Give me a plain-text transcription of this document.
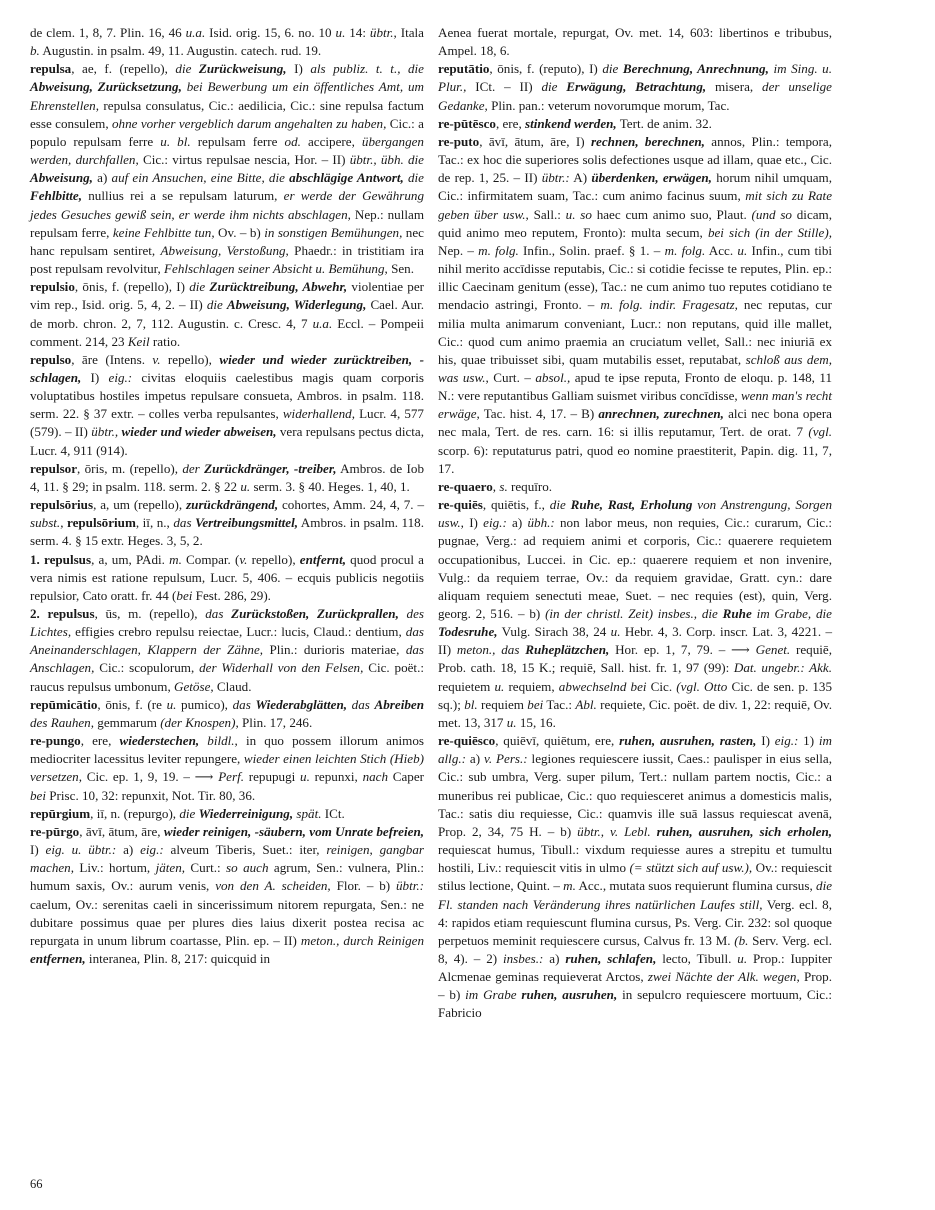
de clem. 1, 8, 7. Plin. 16, 46 u.a. Isid. orig. 15, 6. no. 10 u. 14: übtr., Itala b. Augustin. in psalm. 49, 11. Augustin. catech. rud. 19.

repulsa, ae, f. (repello), die Zurückweisung, I) als publiz. t. t., die Abweisung, Zurücksetzung, bei Bewerbung um ein öffentliches Amt, um Ehrenstellen, repulsa consulatus, Cic.: aedilicia, Cic.: sine repulsa factum esse consulem, ohne vorher vergeblich darum angehalten zu haben, Cic.: a populo repulsam ferre u. bl. repulsam ferre od. accipere, übergangen werden, durchfallen, Cic.: virtus repulsae nescia, Hor. – II) übtr., übh. die Abweisung, a) auf ein Ansuchen, eine Bitte, die abschlägige Antwort, die Fehlbitte, nullius rei a se repulsam laturum, er werde der Gewährung jedes Gesuches gewiß sein, er werde ihm nichts abschlagen, Nep.: nullam repulsam ferre, keine Fehlbitte tun, Ov. – b) in sonstigen Bemühungen, nec hanc repulsam sentiret, Abweisung, Verstoßung, Phaedr.: in tristitiam ira post repulsam revolvitur, Fehlschlagen seiner Absicht u. Bemühung, Sen.

repulsio, ōnis, f. (repello), I) die Zurücktreibung, Abwehr, violentiae per vim rep., Isid. orig. 5, 4, 2. – II) die Abweisung, Widerlegung, Cael. Aur. de morb. chron. 2, 7, 112. Augustin. c. Cresc. 4, 7 u.a. Eccl. – Pompeii comment. 214, 23 Keil ratio.

repulso, āre (Intens. v. repello), wieder und wieder zurücktreiben, -schlagen, I) eig.: civitas eloquiis caelestibus magis quam corporis voluptatibus hostiles impetus repulsare consueta, Ambros. in psalm. 118. serm. 22. § 37 extr. – colles verba repulsantes, widerhallend, Lucr. 4, 577 (579). – II) übtr., wieder und wieder abweisen, vera repulsans pectus dicta, Lucr. 4, 911 (914).

repulsor, ōris, m. (repello), der Zurückdränger, -treiber, Ambros. de Iob 4, 11. § 29; in psalm. 118. serm. 2. § 22 u. serm. 3. § 40. Heges. 1, 40, 1.

repulsōrius, a, um (repello), zurückdrängend, cohortes, Amm. 24, 4, 7. – subst., repulsōrium, iī, n., das Vertreibungsmittel, Ambros. in psalm. 118. serm. 4. § 15 extr. Heges. 3, 5, 2.

1. repulsus, a, um, PAdi. m. Compar. (v. repello), entfernt, quod procul a vera nimis est ratione repulsum, Lucr. 5, 406. – ecquis publicis negotiis repulsior, Cato oratt. fr. 44 (bei Fest. 286, 29).

2. repulsus, ūs, m. (repello), das Zurückstoßen, Zurückprallen, des Lichtes, effigies crebro repulsu reiectae, Lucr.: lucis, Claud.: dentium, das Aneinanderschlagen, Klappern der Zähne, Plin.: durioris materiae, das Anschlagen, Cic.: scopulorum, der Widerhall von den Felsen, Cic. poët.: raucus repulsus umbonum, Getöse, Claud.

repūmicātio, ōnis, f. (re u. pumico), das Wiederabglätten, das Abreiben des Rauhen, gemmarum (der Knospen), Plin. 17, 246.

re-pungo, ere, wiederstechen, bildl., in quo possem illorum animos mediocriter lacessitus leviter repungere, wieder einen leichten Stich (Hieb) versetzen, Cic. ep. 1, 9, 19. – ⟶ Perf. repupugi u. repunxi, nach Caper bei Prisc. 10, 32: repunxit, Not. Tir. 80, 36.

repūrgium, iī, n. (repurgo), die Wiederreinigung, spät. ICt.

re-pūrgo, āvī, ātum, āre, wieder reinigen, -säubern, vom Unrate befreien, I) eig. u. übtr.: a) eig.: alveum Tiberis, Suet.: iter, reinigen, gangbar machen, Liv.: hortum, jäten, Curt.: so auch agrum, Sen.: vulnera, Plin.: humum saxis, Ov.: aurum venis, von den A. scheiden, Flor. – b) übtr.: caelum, Ov.: serenitas caeli in sincerissimum nitorem repurgata, Sen.: ne dubitare possimus quae per plures dies laius dixerit postea recisa ac repurgata in unum librum coartasse, Plin. ep. – II) meton., durch Reinigen entfernen, interanea, Plin. 8, 217: quicquid in

Aenea fuerat mortale, repurgat, Ov. met. 14, 603: libertinos e tribubus, Ampel. 18, 6.

reputātio, ōnis, f. (reputo), I) die Berechnung, Anrechnung, im Sing. u. Plur., ICt. – II) die Erwägung, Betrachtung, misera, der unselige Gedanke, Plin. pan.: veterum novorumque morum, Tac.

re-pūtēsco, ere, stinkend werden, Tert. de anim. 32.

re-puto, āvī, ātum, āre, I) rechnen, berechnen, annos, Plin.: tempora, Tac.: ex hoc die superiores solis defectiones usque ad illam, quae etc., Cic. de rep. 1, 25. – II) übtr.: A) überdenken, erwägen, horum nihil umquam, Cic.: infirmitatem suam, Tac.: cum animo facinus suum, mit sich zu Rate geben über usw., Sall.: u. so haec cum animo suo, Plaut. (und so dicam, quid animo meo reputem, Fronto): multa secum, bei sich (in der Stille), Nep. – m. folg. Infin., Solin. praef. § 1. – m. folg. Acc. u. Infin., cum tibi nihil merito accīdisse reputabis, Cic.: si cotidie fecisse te reputes, Plin. ep.: illic Caecinam genitum (esse), Tac.: ne cum animo tuo reputes cotidiano te mendacio astringi, Fronto. – m. folg. indir. Fragesatz, nec reputas, cur milia multa animarum conveniant, Lucr.: non reputans, quid ille mallet, Cic.: quod cum animo praemia an cruciatum vellet, Sall.: nec iniuriā ex his, quae tribuisset sibi, quam mutabilis esset, reputabat, schloß aus dem, was usw., Curt. – absol., apud te ipse reputa, Fronto de eloqu. p. 148, 11 N.: vere reputantibus Galliam suismet viribus concīdisse, wenn man's recht erwäge, Tac. hist. 4, 17. – B) anrechnen, zurechnen, alci nec bona opera nec mala, Tert. de res. carn. 16: si illis reputamur, Tert. de orat. 7 (vgl. scorp. 6): reputaturus patri, quod eo nomine praestiterit, Papin. dig. 11, 7, 17.

re-quaero, s. requīro.

re-quiēs, quiētis, f., die Ruhe, Rast, Erholung von Anstrengung, Sorgen usw., I) eig.: a) übh.: non labor meus, non requies, Cic.: curarum, Cic.: pugnae, Verg.: ad requiem animi et corporis, Cic.: quaerere requietem occupationibus, Luccei. in Cic. ep.: quaerere requiem et non invenire, Vulg.: da requiem terrae, Ov.: da requiem gravidae, Gratt. cyn.: dare aliquam requiem senectuti meae, Suet. – nec requies (est), quin, Verg. georg. 2, 516. – b) (in der christl. Zeit) insbes., die Ruhe im Grabe, die Todesruhe, Vulg. Sirach 38, 24 u. Hebr. 4, 3. Corp. inscr. Lat. 3, 4221. – II) meton., das Ruheplätzchen, Hor. ep. 1, 7, 79. – ⟶ Genet. requiē, Prob. cath. 18, 15 K.; requiē, Sall. hist. fr. 1, 97 (99): Dat. ungebr.: Akk. requietem u. requiem, abwechselnd bei Cic. (vgl. Otto Cic. de sen. p. 135 sq.); bl. requiem bei Tac.: Abl. requiete, Cic. poët. de div. 1, 22: requiē, Ov. met. 13, 317 u. 15, 16.

re-quiēsco, quiēvī, quiētum, ere, ruhen, ausruhen, rasten, I) eig.: 1) im allg.: a) v. Pers.: legiones requiescere iussit, Caes.: paulisper in eius sella, Cic.: sub umbra, Verg. super pilum, Tert.: nullam partem noctis, Cic.: a muneribus rei publicae, Cic.: quo requiesceret animus a domesticis malis, Tac.: satis diu requiesse, Cic.: quamvis ille suā lassus requiescat avenā, Prop. 2, 34, 75 H. – b) übtr., v. Lebl. ruhen, ausruhen, sich erholen, requiescat humus, Tibull.: vixdum requiesse aures a strepitu et tumultu hostili, Liv.: requiescit vitis in ulmo (= stützt sich auf usw.), Ov.: requiescit stilus lectione, Quint. – m. Acc., mutata suos requierunt flumina cursus, die Fl. standen nach Veränderung ihres natürlichen Laufes still, Verg. ecl. 8, 4: rapidos etiam requiescunt flumina cursus, Ps. Verg. Cir. 232: sol quoque perpetuos meminit requiescere cursus, Calvus fr. 13 M. (b. Serv. Verg. ecl. 8, 4). – 2) insbes.: a) ruhen, schlafen, lecto, Tibull. u. Prop.: Iuppiter Alcmenae geminas requieverat Arctos, zwei Nächte der Alk. wegen, Prop. – b) im Grabe ruhen, ausruhen, in sepulcro requiescere mortuum, Cic.: Fabricio

66
